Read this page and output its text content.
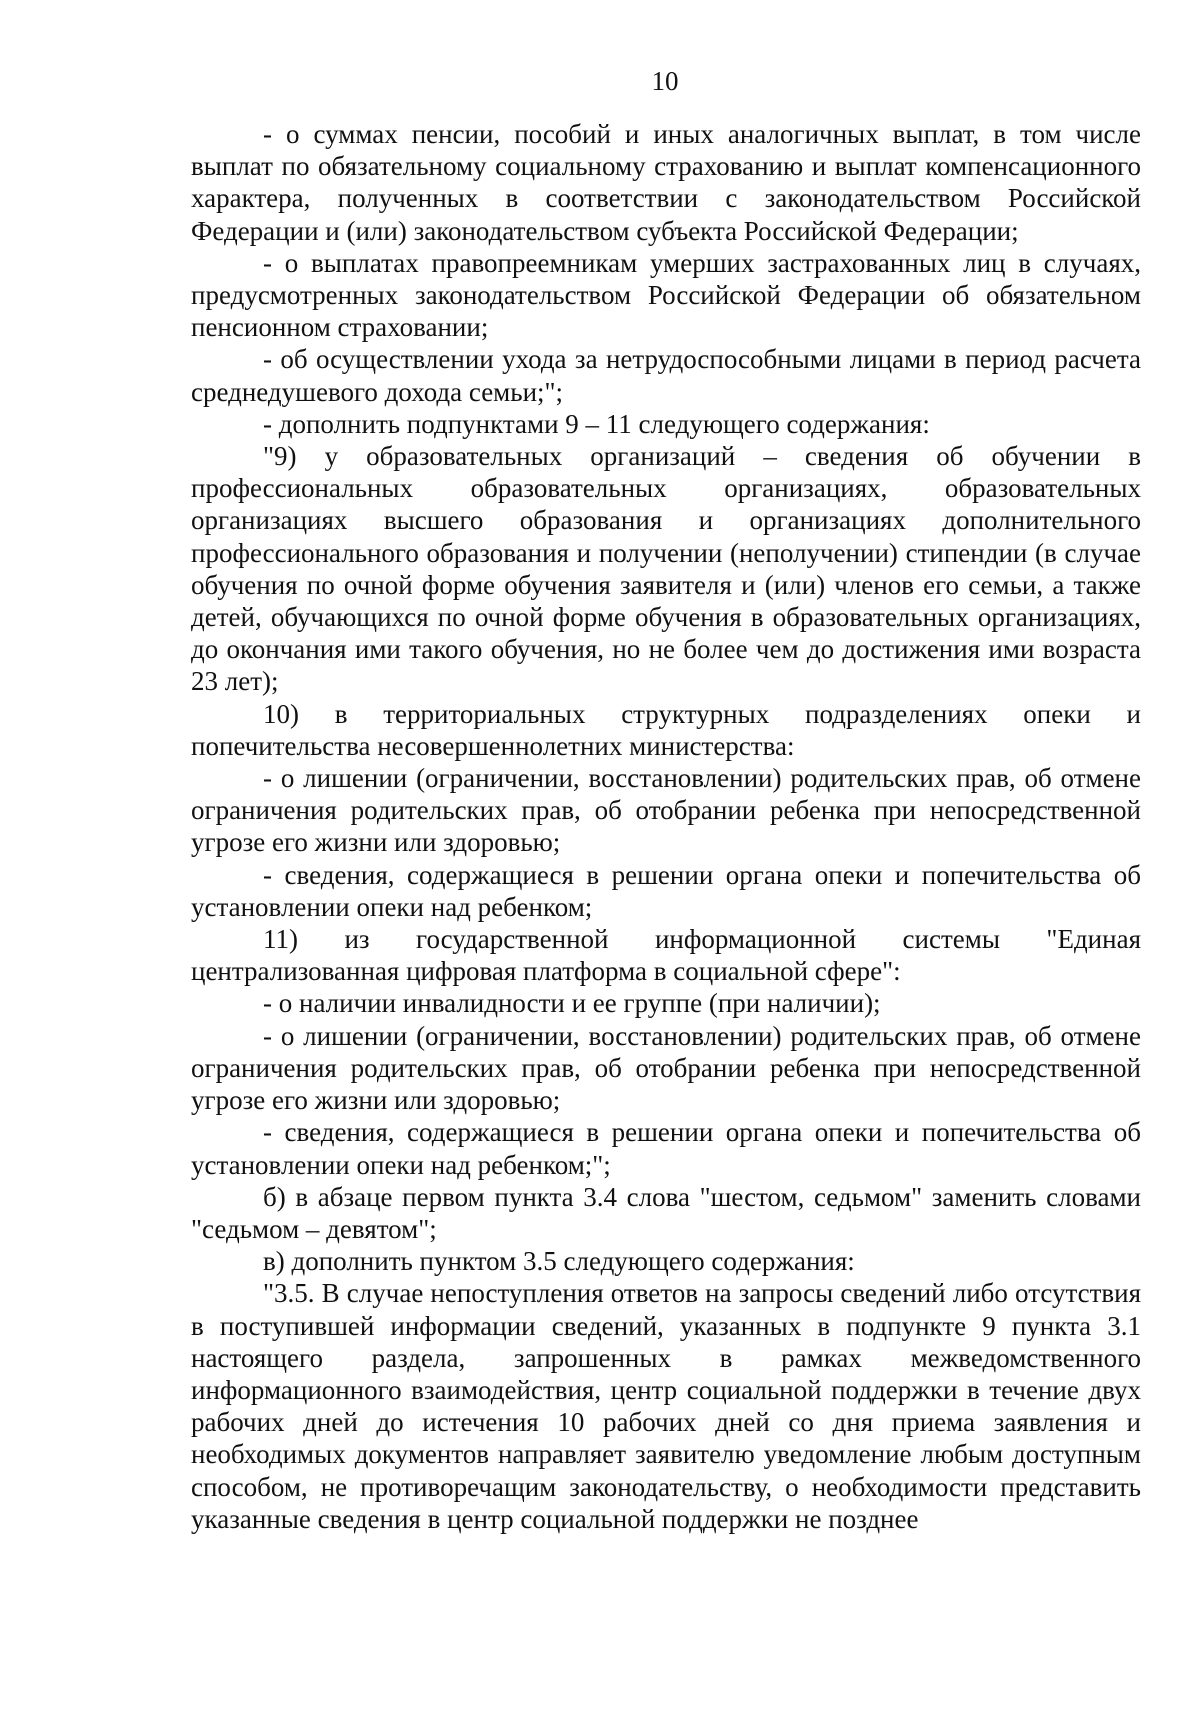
10

- о суммах пенсии, пособий и иных аналогичных выплат, в том числе выплат по обязательному социальному страхованию и выплат компенсационного характера, полученных в соответствии с законодательством Российской Федерации и (или) законодательством субъекта Российской Федерации;

- о выплатах правопреемникам умерших застрахованных лиц в случаях, предусмотренных законодательством Российской Федерации об обязательном пенсионном страховании;

- об осуществлении ухода за нетрудоспособными лицами в период расчета среднедушевого дохода семьи;";

- дополнить подпунктами 9 – 11 следующего содержания:

"9) у образовательных организаций – сведения об обучении в профессиональных образовательных организациях, образовательных организациях высшего образования и организациях дополнительного профессионального образования и получении (неполучении) стипендии (в случае обучения по очной форме обучения заявителя и (или) членов его семьи, а также детей, обучающихся по очной форме обучения в образовательных организациях, до окончания ими такого обучения, но не более чем до достижения ими возраста 23 лет);

10) в территориальных структурных подразделениях опеки и попечительства несовершеннолетних министерства:

- о лишении (ограничении, восстановлении) родительских прав, об отмене ограничения родительских прав, об отобрании ребенка при непосредственной угрозе его жизни или здоровью;

- сведения, содержащиеся в решении органа опеки и попечительства об установлении опеки над ребенком;

11) из государственной информационной системы "Единая централизованная цифровая платформа в социальной сфере":

- о наличии инвалидности и ее группе (при наличии);

- о лишении (ограничении, восстановлении) родительских прав, об отмене ограничения родительских прав, об отобрании ребенка при непосредственной угрозе его жизни или здоровью;

- сведения, содержащиеся в решении органа опеки и попечительства об установлении опеки над ребенком;";

б) в абзаце первом пункта 3.4 слова "шестом, седьмом" заменить словами "седьмом – девятом";

в) дополнить пунктом 3.5 следующего содержания:

"3.5. В случае непоступления ответов на запросы сведений либо отсутствия в поступившей информации сведений, указанных в подпункте 9 пункта 3.1 настоящего раздела, запрошенных в рамках межведомственного информационного взаимодействия, центр социальной поддержки в течение двух рабочих дней до истечения 10 рабочих дней со дня приема заявления и необходимых документов направляет заявителю уведомление любым доступным способом, не противоречащим законодательству, о необходимости представить указанные сведения в центр социальной поддержки не позднее
